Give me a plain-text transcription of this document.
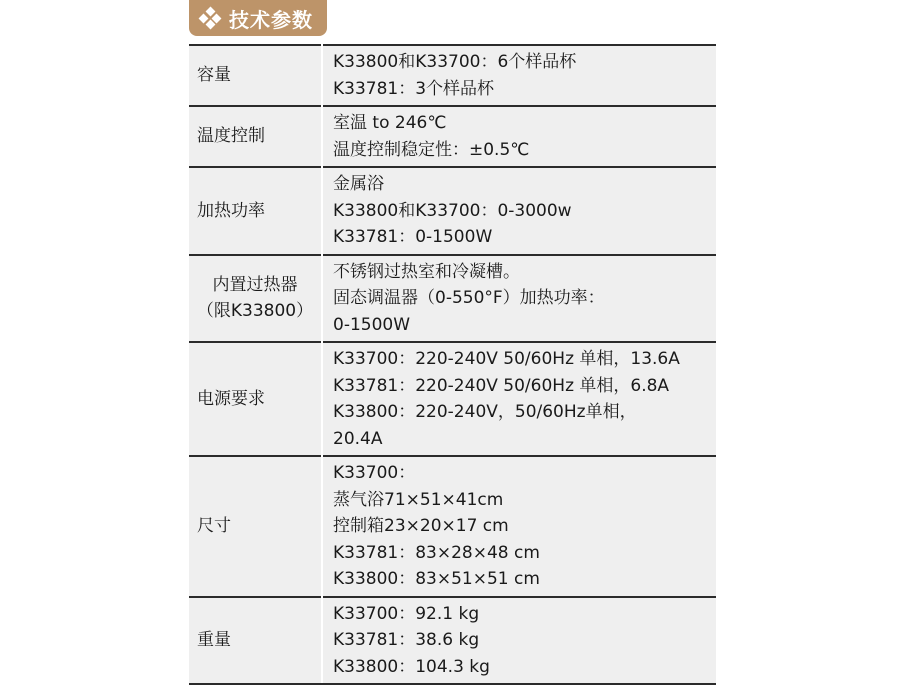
技术参数
容量	K33800和K33700：6个样品杯
K33781：3个样品杯

温度控制	室温 to 246℃
温度控制稳定性：±0.5℃

加热功率	金属浴
K33800和K33700：0-3000w
K33781：0-1500W

内置过热器
（限K33800）	不锈钢过热室和冷凝槽。
固态调温器（0-550°F）加热功率：
0-1500W

电源要求	K33700：220-240V 50/60Hz 单相，13.6A
K33781：220-240V 50/60Hz 单相，6.8A
K33800：220-240V，50/60Hz单相，
20.4A

尺寸	K33700：
蒸气浴71×51×41cm
控制箱23×20×17 cm
K33781：83×28×48 cm
K33800：83×51×51 cm

重量	K33700：92.1 kg
K33781：38.6 kg
K33800：104.3 kg
